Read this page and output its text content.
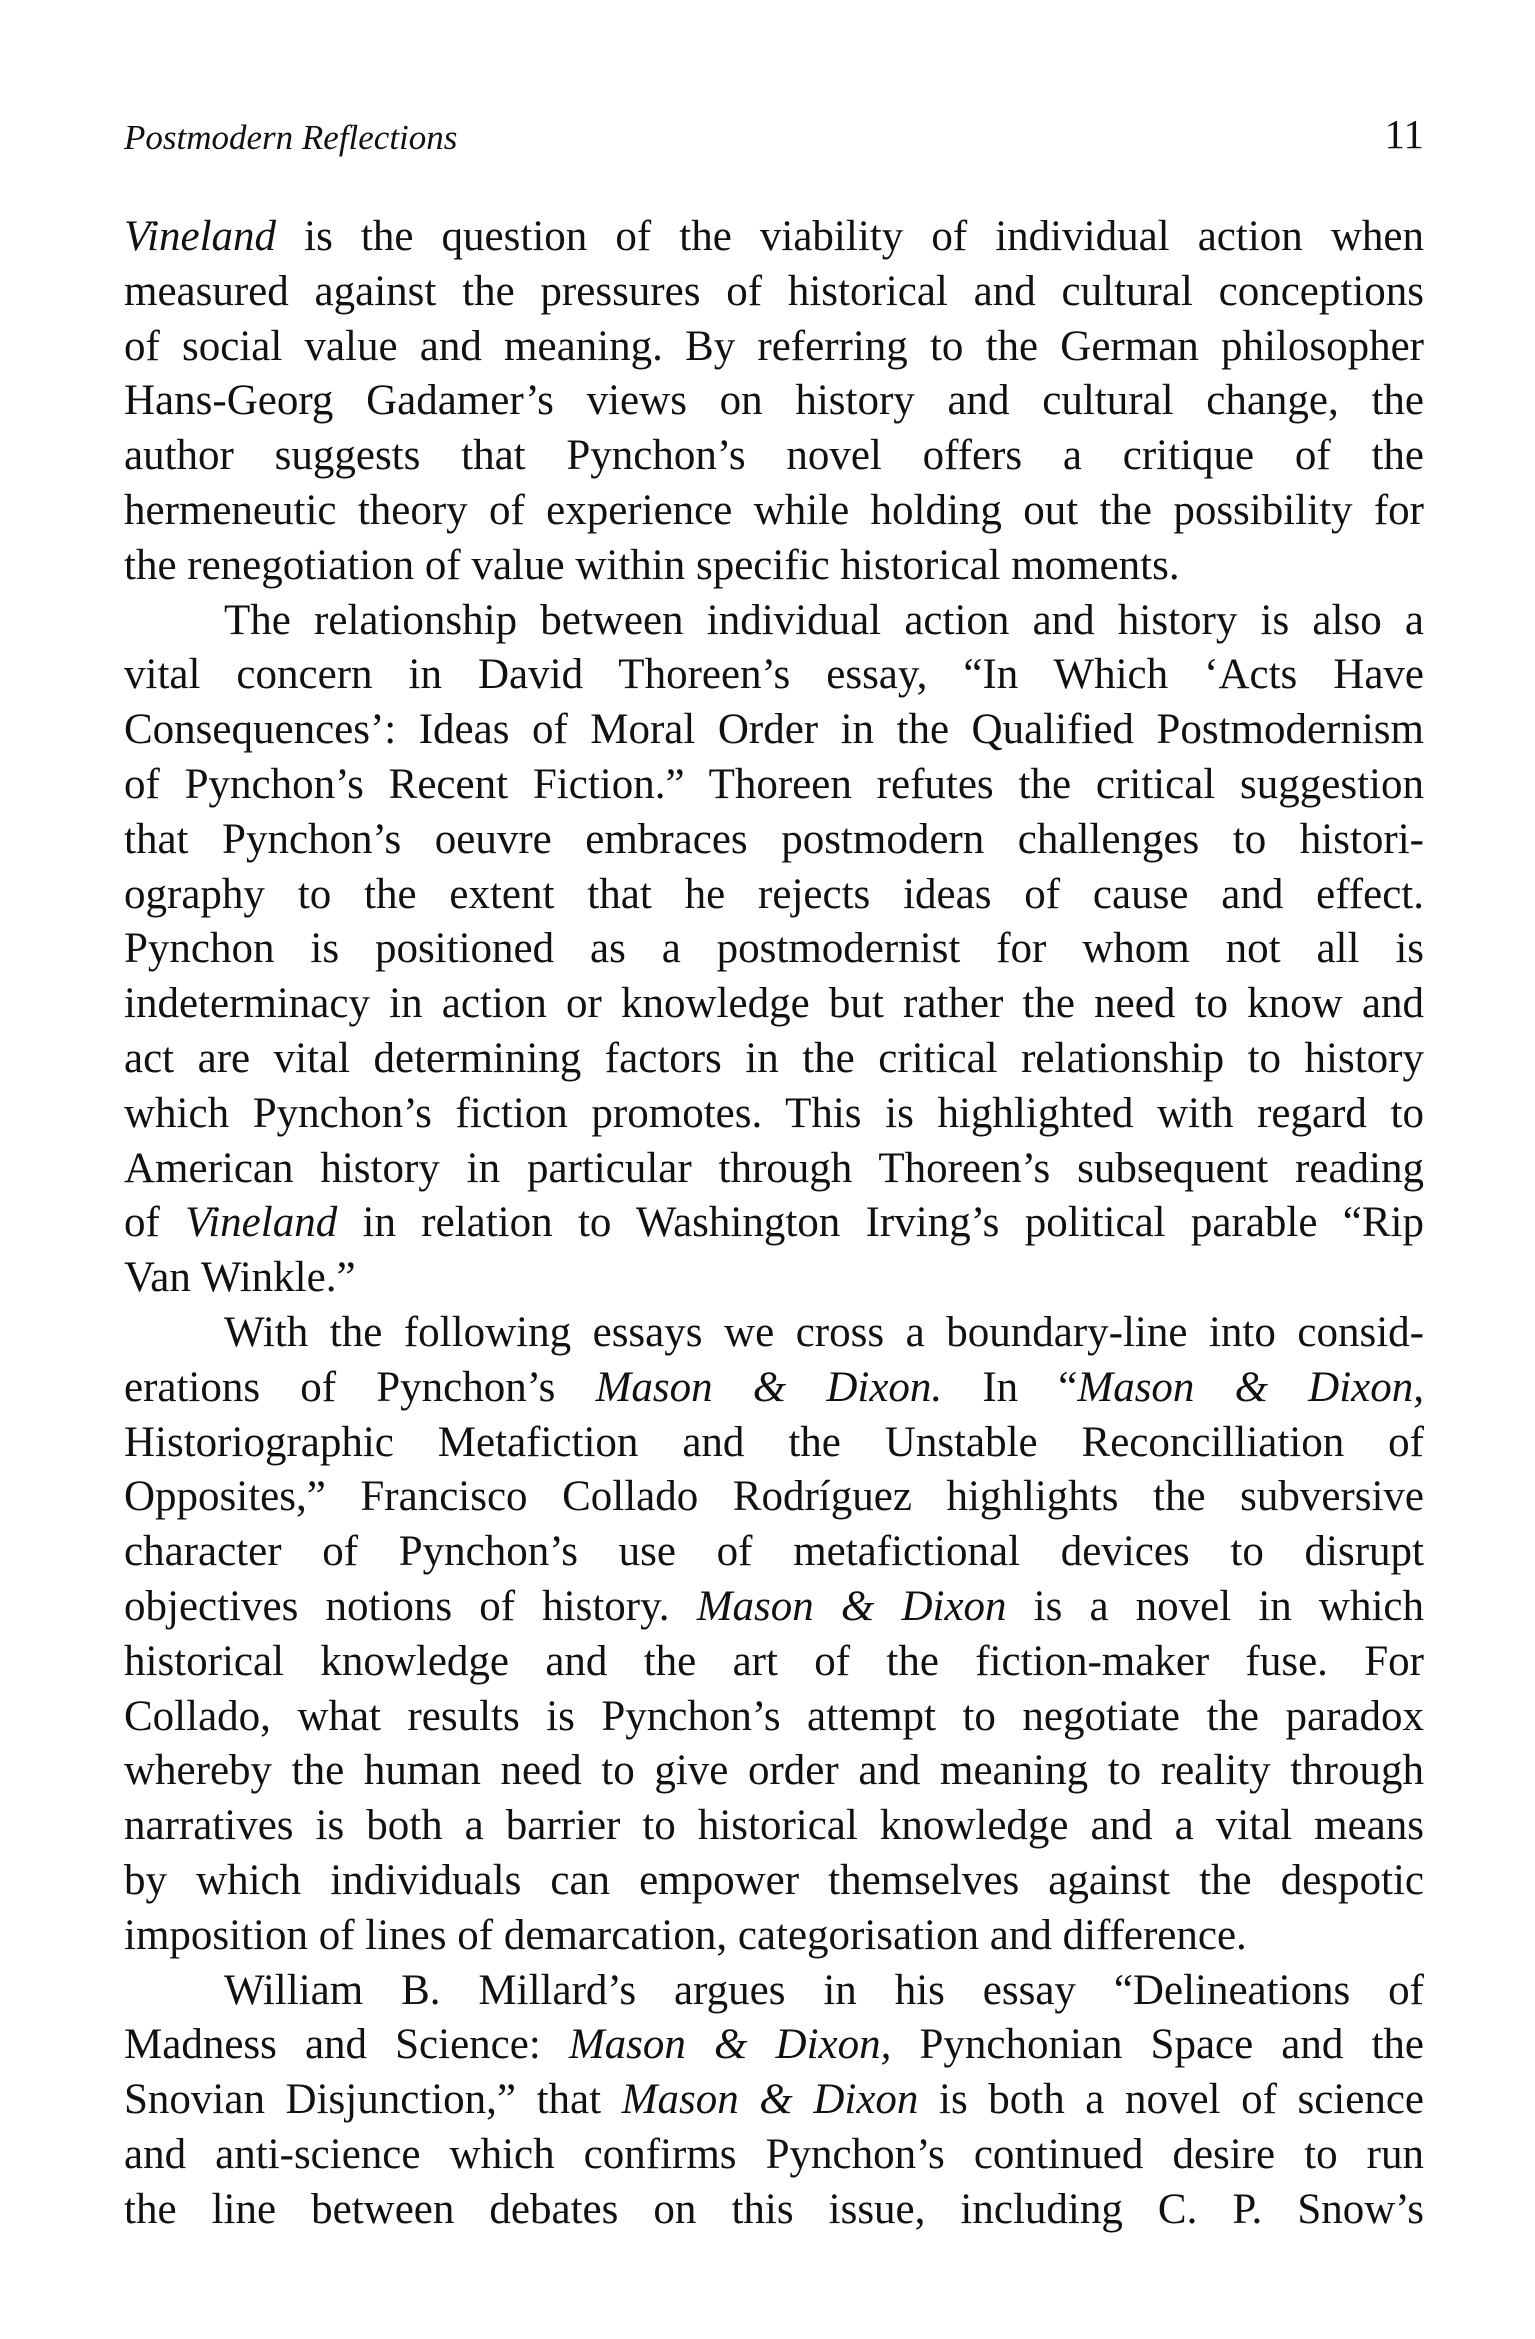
Postmodern Reflections	11
Vineland is the question of the viability of individual action when
measured against the pressures of historical and cultural conceptions
of social value and meaning. By referring to the German philosopher
Hans-Georg Gadamer’s views on history and cultural change, the
author suggests that Pynchon’s novel offers a critique of the
hermeneutic theory of experience while holding out the possibility for
the renegotiation of value within specific historical moments.
The relationship between individual action and history is also a
vital concern in David Thoreen’s essay, “In Which ‘Acts Have
Consequences’: Ideas of Moral Order in the Qualified Postmodernism
of Pynchon’s Recent Fiction.” Thoreen refutes the critical suggestion
that Pynchon’s oeuvre embraces postmodern challenges to histori-
ography to the extent that he rejects ideas of cause and effect.
Pynchon is positioned as a postmodernist for whom not all is
indeterminacy in action or knowledge but rather the need to know and
act are vital determining factors in the critical relationship to history
which Pynchon’s fiction promotes. This is highlighted with regard to
American history in particular through Thoreen’s subsequent reading
of Vineland in relation to Washington Irving’s political parable “Rip
Van Winkle.”
With the following essays we cross a boundary-line into consid-
erations of Pynchon’s Mason & Dixon. In “Mason & Dixon,
Historiographic Metafiction and the Unstable Reconcilliation of
Opposites,” Francisco Collado Rodríguez highlights the subversive
character of Pynchon’s use of metafictional devices to disrupt
objectives notions of history. Mason & Dixon is a novel in which
historical knowledge and the art of the fiction-maker fuse. For
Collado, what results is Pynchon’s attempt to negotiate the paradox
whereby the human need to give order and meaning to reality through
narratives is both a barrier to historical knowledge and a vital means
by which individuals can empower themselves against the despotic
imposition of lines of demarcation, categorisation and difference.
William B. Millard’s argues in his essay “Delineations of
Madness and Science: Mason & Dixon, Pynchonian Space and the
Snovian Disjunction,” that Mason & Dixon is both a novel of science
and anti-science which confirms Pynchon’s continued desire to run
the line between debates on this issue, including C. P. Snow’s
